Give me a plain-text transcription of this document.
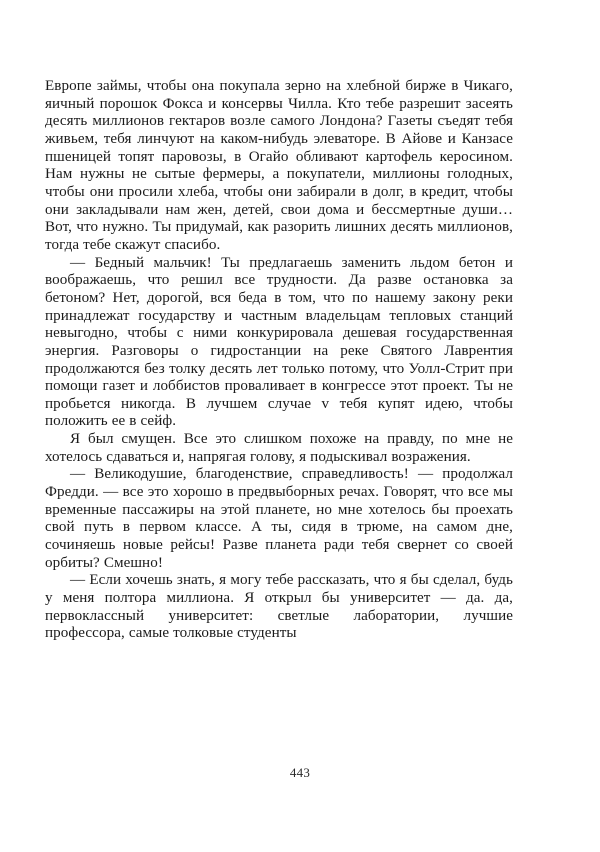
Европе займы, чтобы она покупала зерно на хлебной бирже в Чикаго, яичный порошок Фокса и консервы Чилла. Кто тебе разрешит засеять десять миллионов гектаров возле самого Лондона? Газеты съедят тебя живьем, тебя линчуют на каком-нибудь элеваторе. В Айове и Канзасе пшеницей топят паровозы, в Огайо обливают картофель керосином. Нам нужны не сытые фермеры, а покупатели, миллионы голодных, чтобы они просили хлеба, чтобы они забирали в долг, в кредит, чтобы они закладывали нам жен, детей, свои дома и бессмертные души… Вот, что нужно. Ты придумай, как разорить лишних десять миллионов, тогда тебе скажут спасибо.

— Бедный мальчик! Ты предлагаешь заменить льдом бетон и воображаешь, что решил все трудности. Да разве остановка за бетоном? Нет, дорогой, вся беда в том, что по нашему закону реки принадлежат государству и частным владельцам тепловых станций невыгодно, чтобы с ними конкурировала дешевая государственная энергия. Разговоры о гидростанции на реке Святого Лаврентия продолжаются без толку десять лет только потому, что Уолл-Стрит при помощи газет и лоббистов проваливает в конгрессе этот проект. Ты не пробьется никогда. В лучшем случае v тебя купят идею, чтобы положить ее в сейф.

Я был смущен. Все это слишком похоже на правду, по мне не хотелось сдаваться и, напрягая голову, я подыскивал возражения.

— Великодушие, благоденствие, справедливость! — продолжал Фредди. — все это хорошо в предвыборных речах. Говорят, что все мы временные пассажиры на этой планете, но мне хотелось бы проехать свой путь в первом классе. А ты, сидя в трюме, на самом дне, сочиняешь новые рейсы! Разве планета ради тебя свернет со своей орбиты? Смешно!

— Если хочешь знать, я могу тебе рассказать, что я бы сделал, будь у меня полтора миллиона. Я открыл бы университет — да. да, первоклассный университет: светлые лаборатории, лучшие профессора, самые толковые студенты

443
